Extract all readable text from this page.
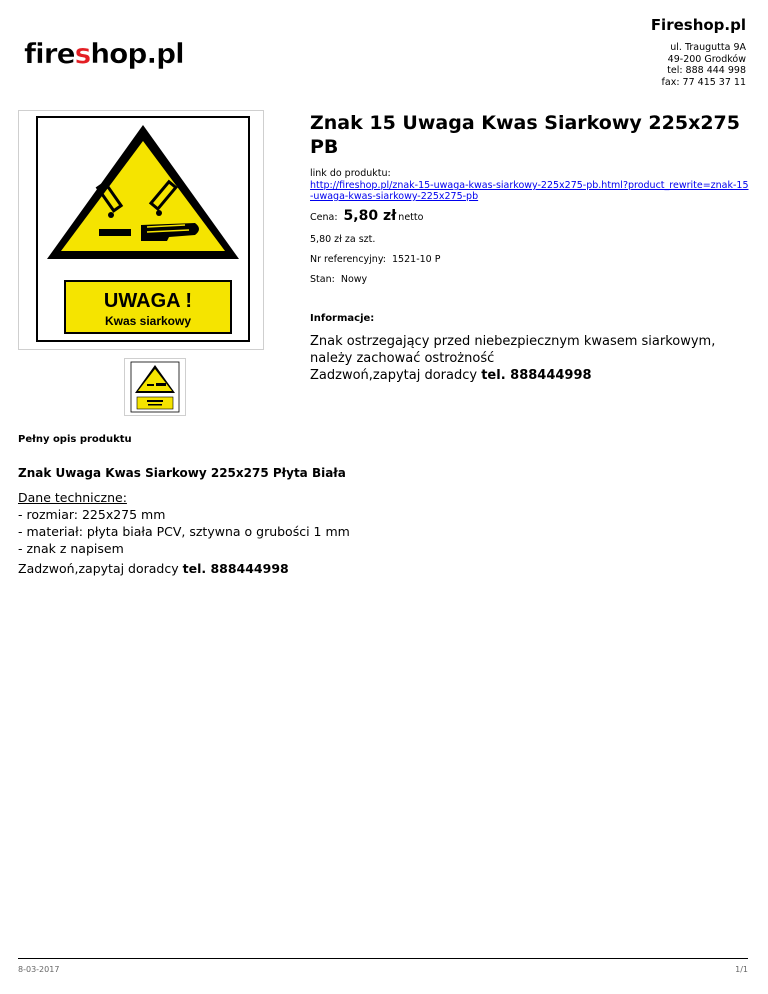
fireshop.pl
Fireshop.pl
ul. Traugutta 9A
49-200 Grodków
tel: 888 444 998
fax: 77 415 37 11
UWAGA !
Kwas siarkowy
Znak 15 Uwaga Kwas Siarkowy 225x275 PB
link do produktu:
http://fireshop.pl/znak-15-uwaga-kwas-siarkowy-225x275-pb.html?product_rewrite=znak-15-uwaga-kwas-siarkowy-225x275-pb
Cena: 5,80 zł netto
5,80 zł za szt.
Nr referencyjny: 1521-10 P
Stan: Nowy
Informacje:
Znak ostrzegający przed niebezpiecznym kwasem siarkowym, należy zachować ostrożność
Zadzwoń,zapytaj doradcy tel. 888444998
Pełny opis produktu
Znak Uwaga Kwas Siarkowy 225x275 Płyta Biała
Dane techniczne:
- rozmiar: 225x275 mm
- materiał: płyta biała PCV, sztywna o grubości 1 mm
- znak z napisem
Zadzwoń,zapytaj doradcy tel. 888444998
8-03-2017	1/1
